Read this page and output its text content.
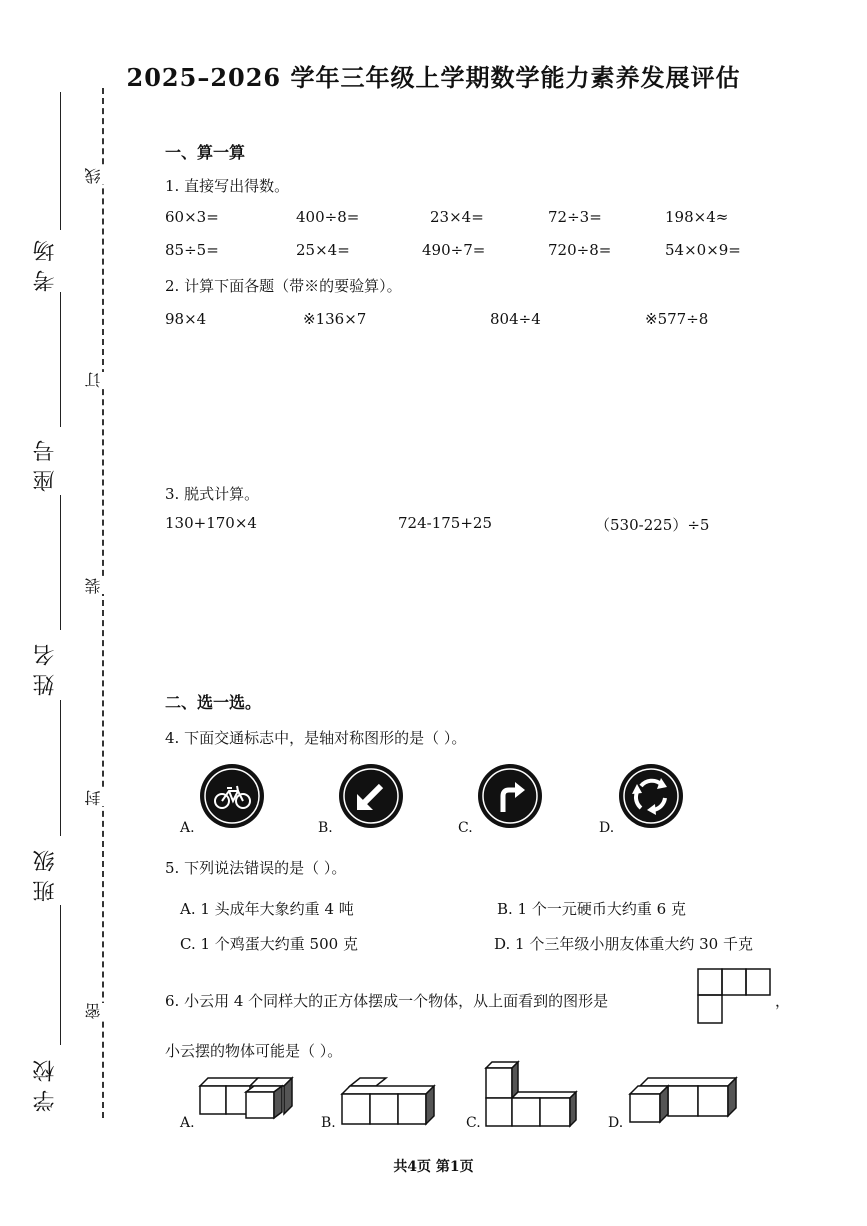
2025–2026 学年三年级上学期数学能力素养发展评估
考场
座号
姓名
班级
学校
线
订
装
封
密
一、算一算
1. 直接写出得数。
60×3=	400÷8=	23×4=	72÷3=	198×4≈
85÷5=	25×4=	490÷7=	720÷8=	54×0×9=
2. 计算下面各题（带※的要验算）。
98×4	※136×7	804÷4	※577÷8
3. 脱式计算。
130+170×4	724-175+25	（530-225）÷5
二、选一选。
4. 下面交通标志中，是轴对称图形的是（ ）。
A.	B.	C.	D.
5. 下列说法错误的是（ ）。
A. 1 头成年大象约重 4 吨	B. 1 个一元硬币大约重 6 克
C. 1 个鸡蛋大约重 500 克	D. 1 个三年级小朋友体重大约 30 千克
6. 小云用 4 个同样大的正方体摆成一个物体，从上面看到的图形是	，
小云摆的物体可能是（ ）。
A.	B.	C.	D.
共4页 第1页
